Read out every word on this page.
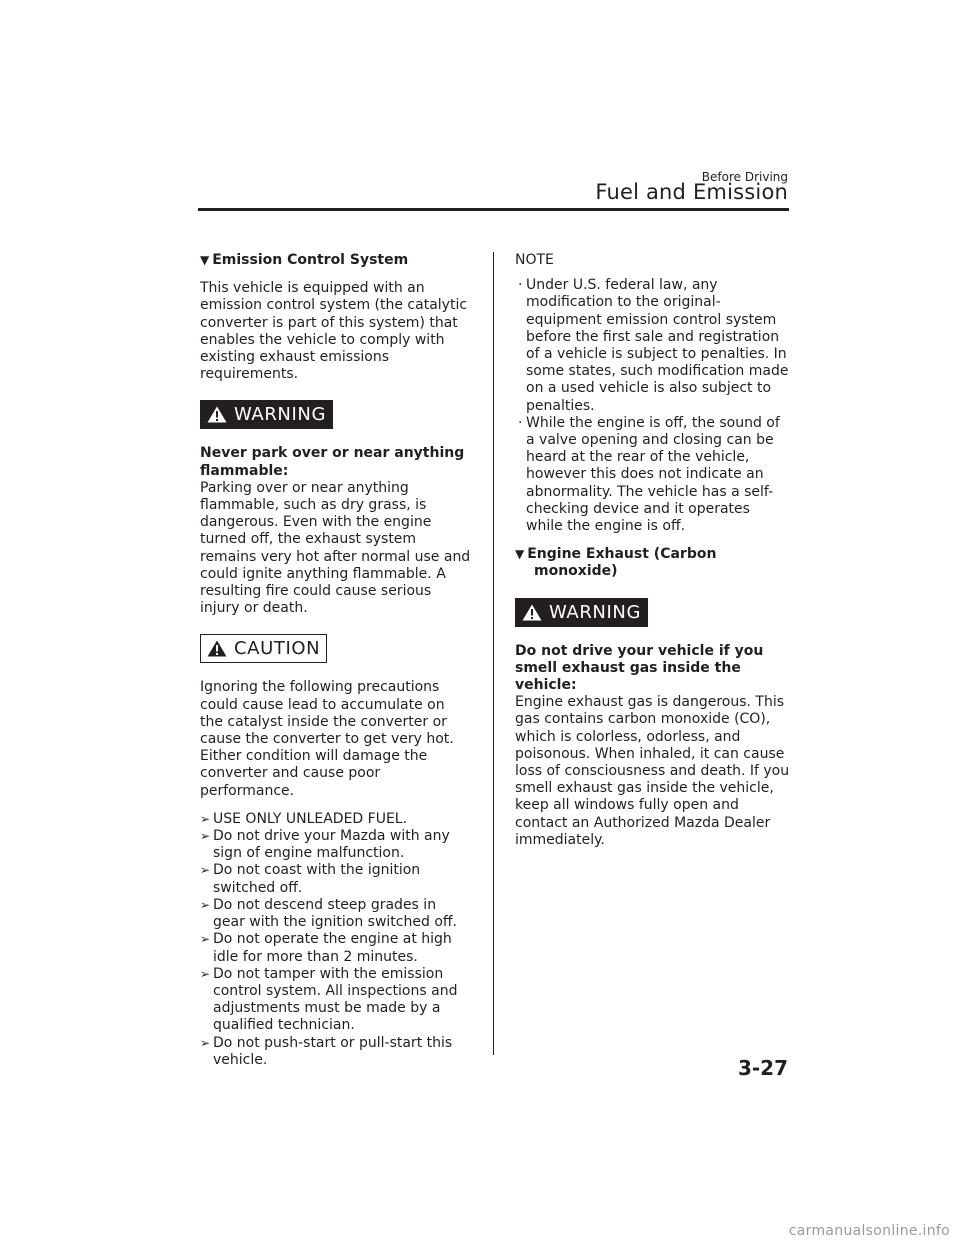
Before Driving
Fuel and Emission
▼ Emission Control System

This vehicle is equipped with an emission control system (the catalytic converter is part of this system) that enables the vehicle to comply with existing exhaust emissions requirements.

WARNING
Never park over or near anything flammable:

Parking over or near anything flammable, such as dry grass, is dangerous. Even with the engine turned off, the exhaust system remains very hot after normal use and could ignite anything flammable. A resulting fire could cause serious injury or death.

CAUTION

Ignoring the following precautions could cause lead to accumulate on the catalyst inside the converter or cause the converter to get very hot. Either condition will damage the converter and cause poor performance.

➢ USE ONLY UNLEADED FUEL.
➢ Do not drive your Mazda with any sign of engine malfunction.
➢ Do not coast with the ignition switched off.
➢ Do not descend steep grades in gear with the ignition switched off.
➢ Do not operate the engine at high idle for more than 2 minutes.
➢ Do not tamper with the emission control system. All inspections and adjustments must be made by a qualified technician.
➢ Do not push-start or pull-start this vehicle.
NOTE
· Under U.S. federal law, any modification to the original-equipment emission control system before the first sale and registration of a vehicle is subject to penalties. In some states, such modification made on a used vehicle is also subject to penalties.
· While the engine is off, the sound of a valve opening and closing can be heard at the rear of the vehicle, however this does not indicate an abnormality. The vehicle has a self-checking device and it operates while the engine is off.
▼ Engine Exhaust (Carbon monoxide)
WARNING
Do not drive your vehicle if you smell exhaust gas inside the vehicle:

Engine exhaust gas is dangerous. This gas contains carbon monoxide (CO), which is colorless, odorless, and poisonous. When inhaled, it can cause loss of consciousness and death. If you smell exhaust gas inside the vehicle, keep all windows fully open and contact an Authorized Mazda Dealer immediately.

3-27
carmanualsonline.info
